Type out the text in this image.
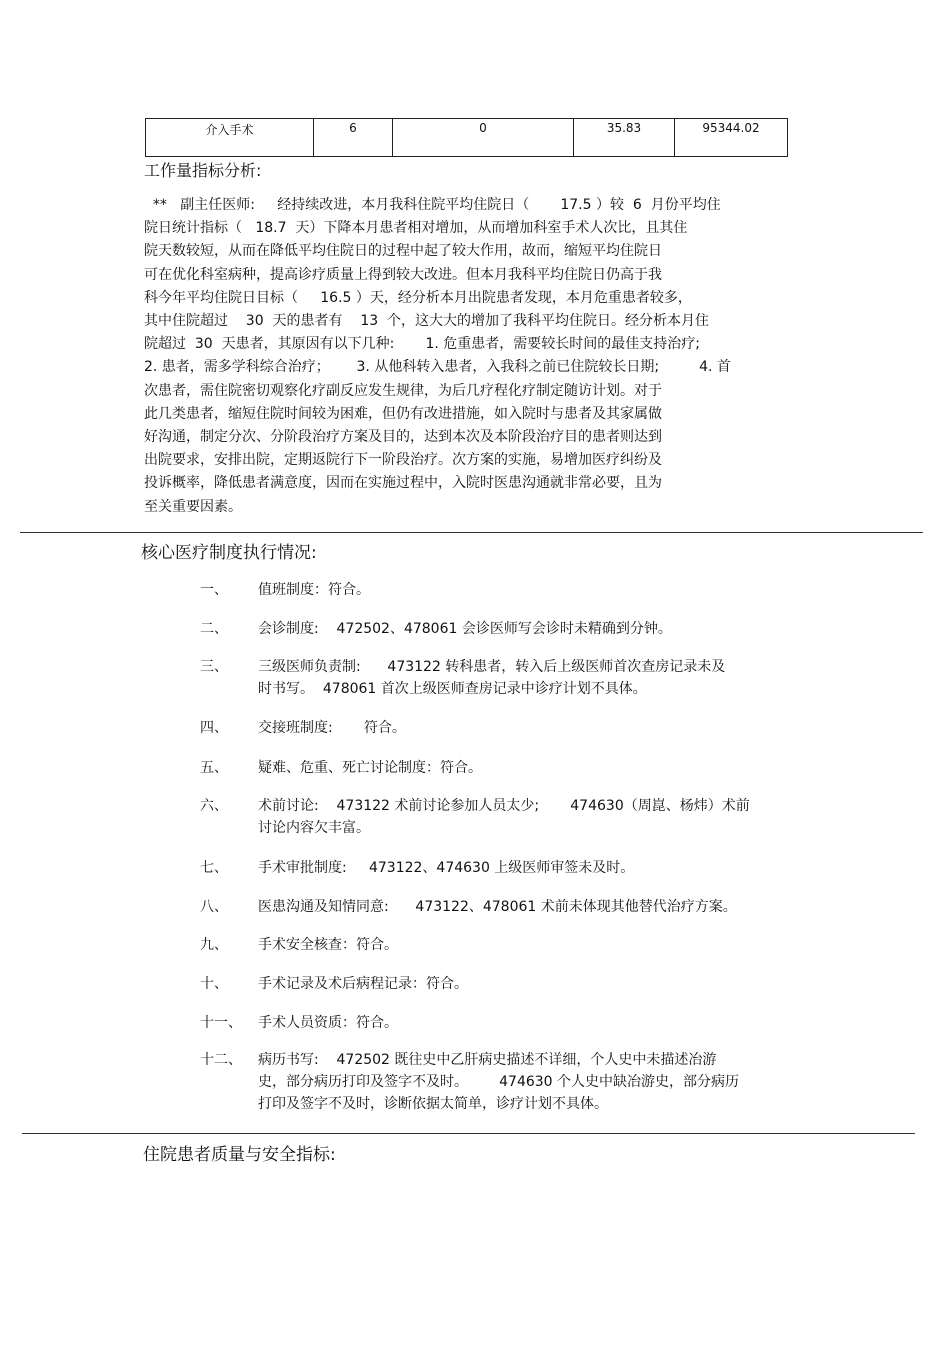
介入手术	6	0	35.83	95344.02
工作量指标分析:
**   副主任医师:     经持续改进，本月我科住院平均住院日（       17.5 ）较  6  月份平均住
院日统计指标（   18.7  天）下降本月患者相对增加，从而增加科室手术人次比，且其住
院天数较短，从而在降低平均住院日的过程中起了较大作用，故而，缩短平均住院日
可在优化科室病种，提高诊疗质量上得到较大改进。但本月我科平均住院日仍高于我
科今年平均住院日目标（     16.5 ）天，经分析本月出院患者发现，本月危重患者较多，
其中住院超过    30  天的患者有    13  个，这大大的增加了我科平均住院日。经分析本月住
院超过  30  天患者，其原因有以下几种:       1. 危重患者，需要较长时间的最佳支持治疗;
2. 患者，需多学科综合治疗；      3. 从他科转入患者，入我科之前已住院较长日期;         4. 首
次患者，需住院密切观察化疗副反应发生规律，为后几疗程化疗制定随访计划。对于
此几类患者，缩短住院时间较为困难，但仍有改进措施，如入院时与患者及其家属做
好沟通，制定分次、分阶段治疗方案及目的，达到本次及本阶段治疗目的患者则达到
出院要求，安排出院，定期返院行下一阶段治疗。次方案的实施，易增加医疗纠纷及
投诉概率，降低患者满意度，因而在实施过程中，入院时医患沟通就非常必要，且为
至关重要因素。
核心医疗制度执行情况:
一、 值班制度：符合。
二、 会诊制度:    472502、478061 会诊医师写会诊时未精确到分钟。
三、 三级医师负责制:      473122 转科患者，转入后上级医师首次查房记录未及
时书写。  478061 首次上级医师查房记录中诊疗计划不具体。
四、 交接班制度:       符合。
五、 疑难、危重、死亡讨论制度：符合。
六、 术前讨论:    473122 术前讨论参加人员太少;       474630（周崑、杨炜）术前
讨论内容欠丰富。
七、 手术审批制度:     473122、474630 上级医师审签未及时。
八、 医患沟通及知情同意:      473122、478061 术前未体现其他替代治疗方案。
九、 手术安全核查：符合。
十、 手术记录及术后病程记录：符合。
十一、 手术人员资质：符合。
十二、 病历书写:    472502 既往史中乙肝病史描述不详细，个人史中未描述冶游
史，部分病历打印及签字不及时。       474630 个人史中缺冶游史，部分病历
打印及签字不及时，诊断依据太简单，诊疗计划不具体。
住院患者质量与安全指标:
